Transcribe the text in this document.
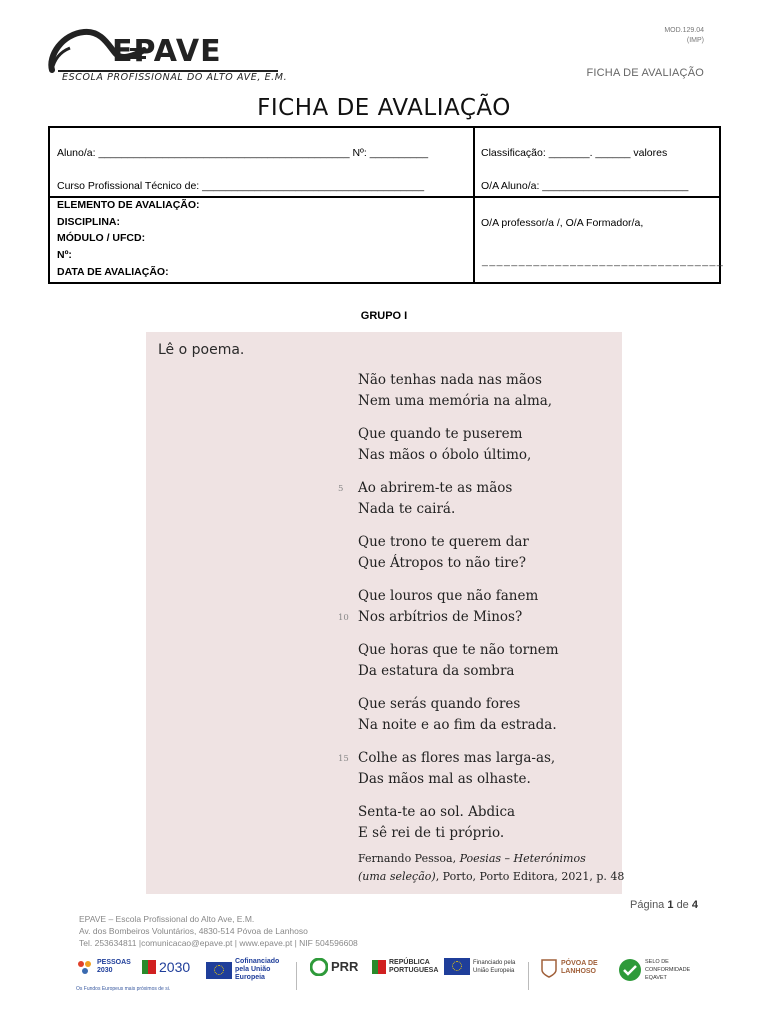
EPAVE
ESCOLA PROFISSIONAL DO ALTO AVE, E.M.
MOD.129.04
(IMP)
FICHA DE AVALIAÇÃO
FICHA DE AVALIAÇÃO
Aluno/a: ___________________________________________ Nº: __________
Curso Profissional Técnico de: ______________________________________
ELEMENTO DE AVALIAÇÃO:
DISCIPLINA:
MÓDULO / UFCD:
Nº:
DATA DE AVALIAÇÃO:
Classificação: _______. ______ valores
O/A Aluno/a: _________________________
O/A professor/a /, O/A Formador/a,
_________________________________
GRUPO I
Lê o poema.
Não tenhas nada nas mãos
Nem uma memória na alma,
Que quando te puserem
Nas mãos o óbolo último,
5 Ao abrirem-te as mãos
Nada te cairá.
Que trono te querem dar
Que Átropos to não tire?
10
Que louros que não fanem
Nos arbítrios de Minos?
Que horas que te não tornem
Da estatura da sombra
Que serás quando fores
Na noite e ao fim da estrada.
15 Colhe as flores mas larga-as,
Das mãos mal as olhaste.
Senta-te ao sol. Abdica
E sê rei de ti próprio.
Fernando Pessoa, Poesias – Heterónimos
(uma seleção), Porto, Porto Editora, 2021, p. 48
Página 1 de 4
EPAVE – Escola Profissional do Alto Ave, E.M.
Av. dos Bombeiros Voluntários, 4830-514 Póvoa de Lanhoso
Tel. 253634811 |comunicacao@epave.pt | www.epave.pt | NIF 504596608
PESSOAS
2030	2030	Cofinanciado pela União Europeia
PRR	REPÚBLICA PORTUGUESA
Financiado pela União Europeia
PÓVOA DE LANHOSO
SELO DE CONFORMIDADE EQAVET
Os Fundos Europeus mais próximos de si.
